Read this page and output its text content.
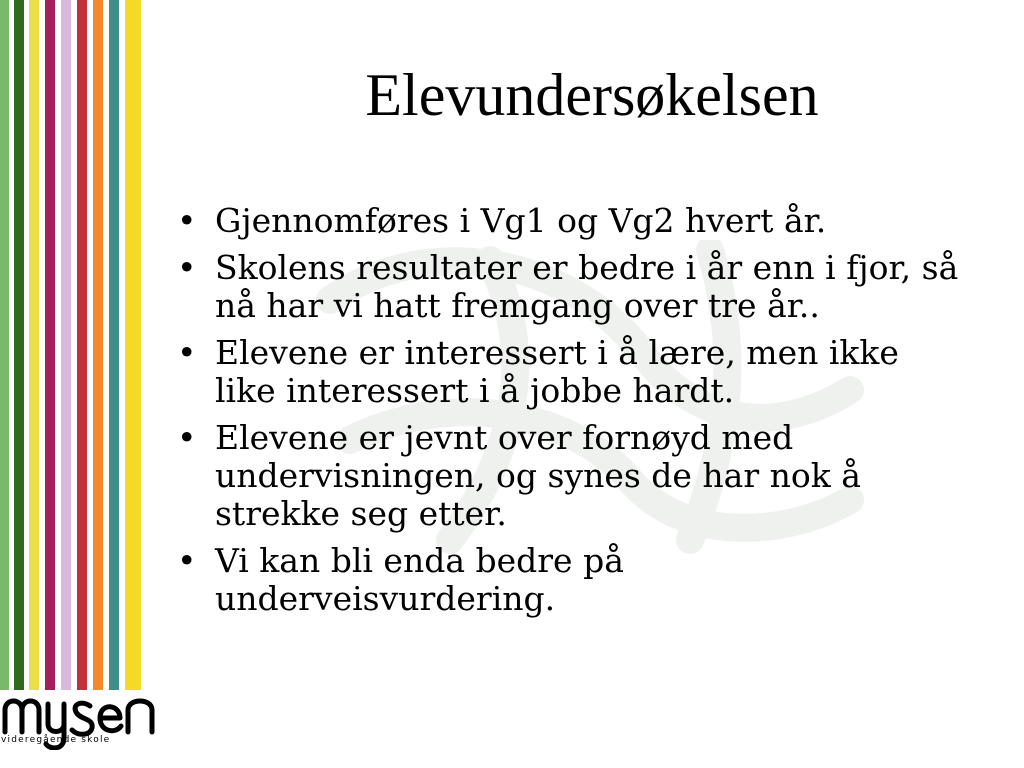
Elevundersøkelsen
• Gjennomføres i Vg1 og Vg2 hvert år.
• Skolens resultater er bedre i år enn i fjor, så nå har vi hatt fremgang over tre år..
• Elevene er interessert i å lære, men ikke like interessert i å jobbe hardt.
• Elevene er jevnt over fornøyd med undervisningen, og synes de har nok å strekke seg etter.
• Vi kan bli enda bedre på underveisvurdering.
videregående skole
